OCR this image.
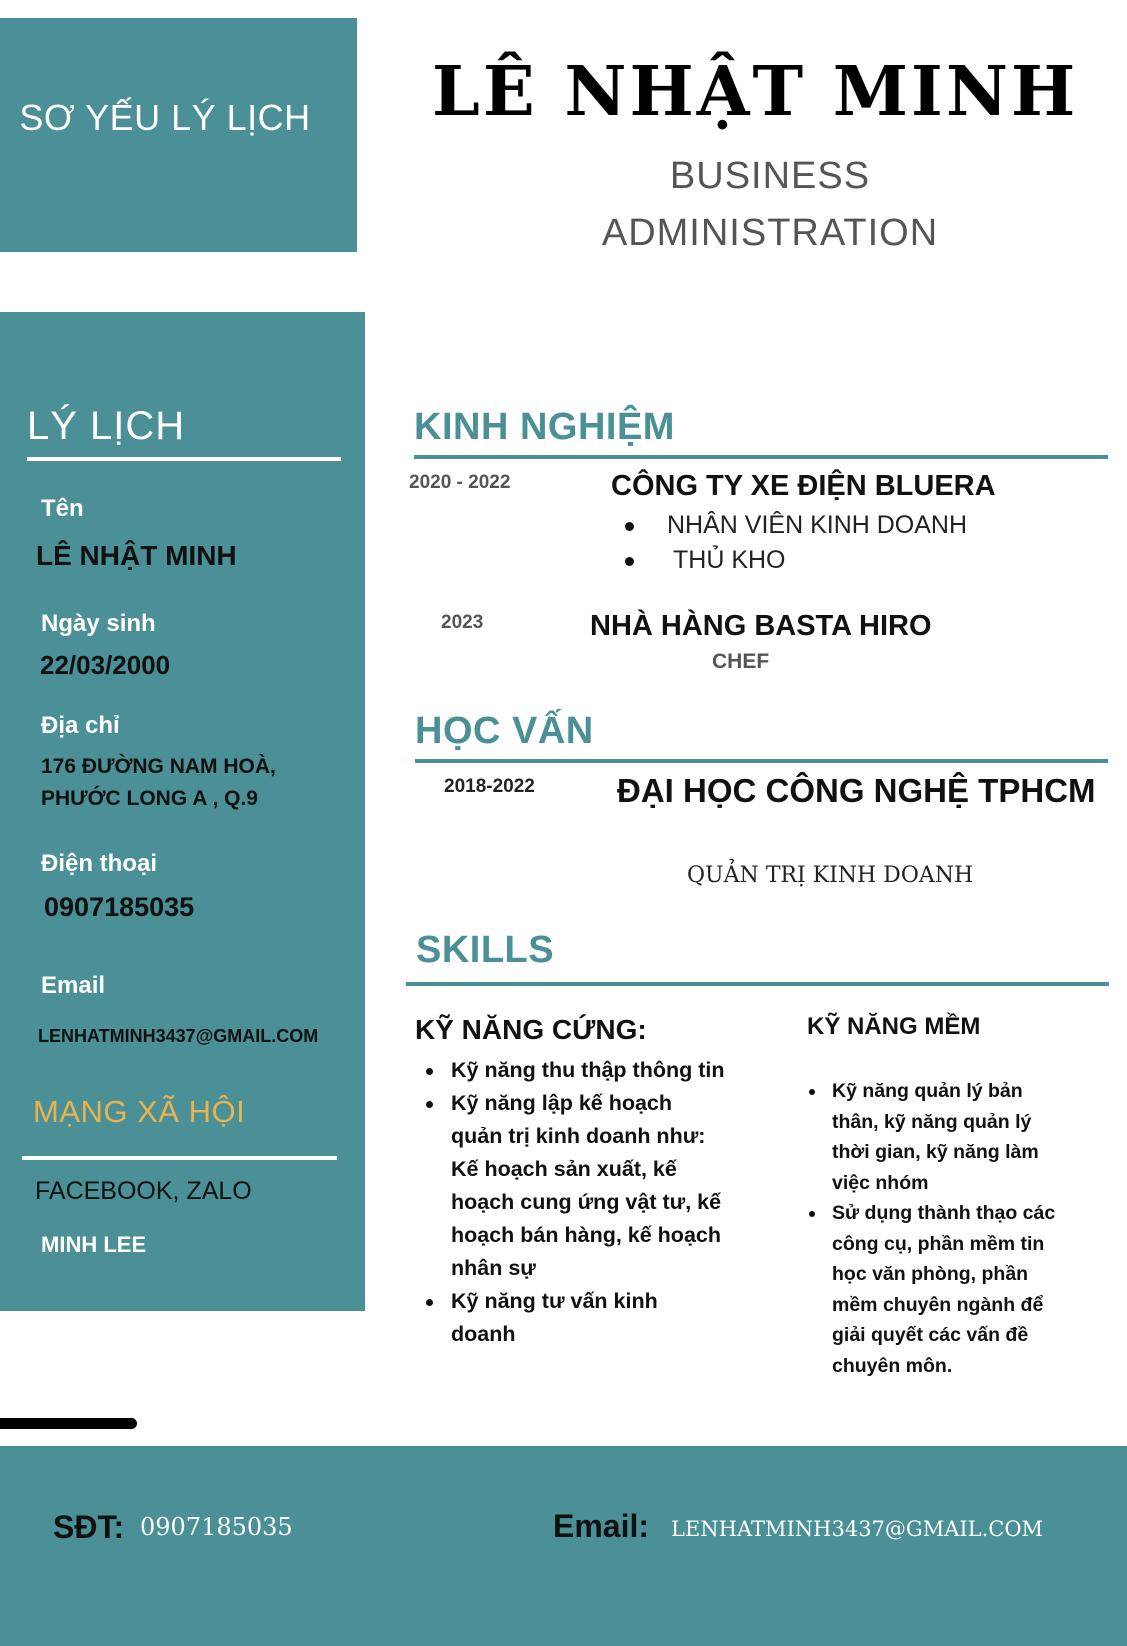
SƠ YẾU LÝ LỊCH LÊ NHẬT MINH
BUSINESS ADMINISTRATION
LÝ LỊCH
Tên
LÊ NHẬT MINH
Ngày sinh
22/03/2000
Địa chỉ
176 ĐƯỜNG NAM HOÀ,
PHƯỚC LONG A , Q.9
Điện thoại
0907185035
Email
LENHATMINH3437@GMAIL.COM
MẠNG XÃ HỘI
FACEBOOK, ZALO
MINH LEE
KINH NGHIỆM
2020 - 2022	CÔNG TY XE ĐIỆN BLUERA
NHÂN VIÊN KINH DOANH
THỦ KHO
2023	NHÀ HÀNG BASTA HIRO
CHEF
HỌC VẤN
2018-2022 ĐẠI HỌC CÔNG NGHỆ TPHCM
QUẢN TRỊ KINH DOANH
SKILLS
KỸ NĂNG CỨNG:
Kỹ năng thu thập thông tin
Kỹ năng lập kế hoạch quản trị kinh doanh như: Kế hoạch sản xuất, kế hoạch cung ứng vật tư, kế hoạch bán hàng, kế hoạch nhân sự
Kỹ năng tư vấn kinh doanh
KỸ NĂNG MỀM
Kỹ năng quản lý bản thân, kỹ năng quản lý thời gian, kỹ năng làm việc nhóm
Sử dụng thành thạo các công cụ, phần mềm tin học văn phòng, phần mềm chuyên ngành để giải quyết các vấn đề chuyên môn.
SĐT: 0907185035	Email: LENHATMINH3437@GMAIL.COM
